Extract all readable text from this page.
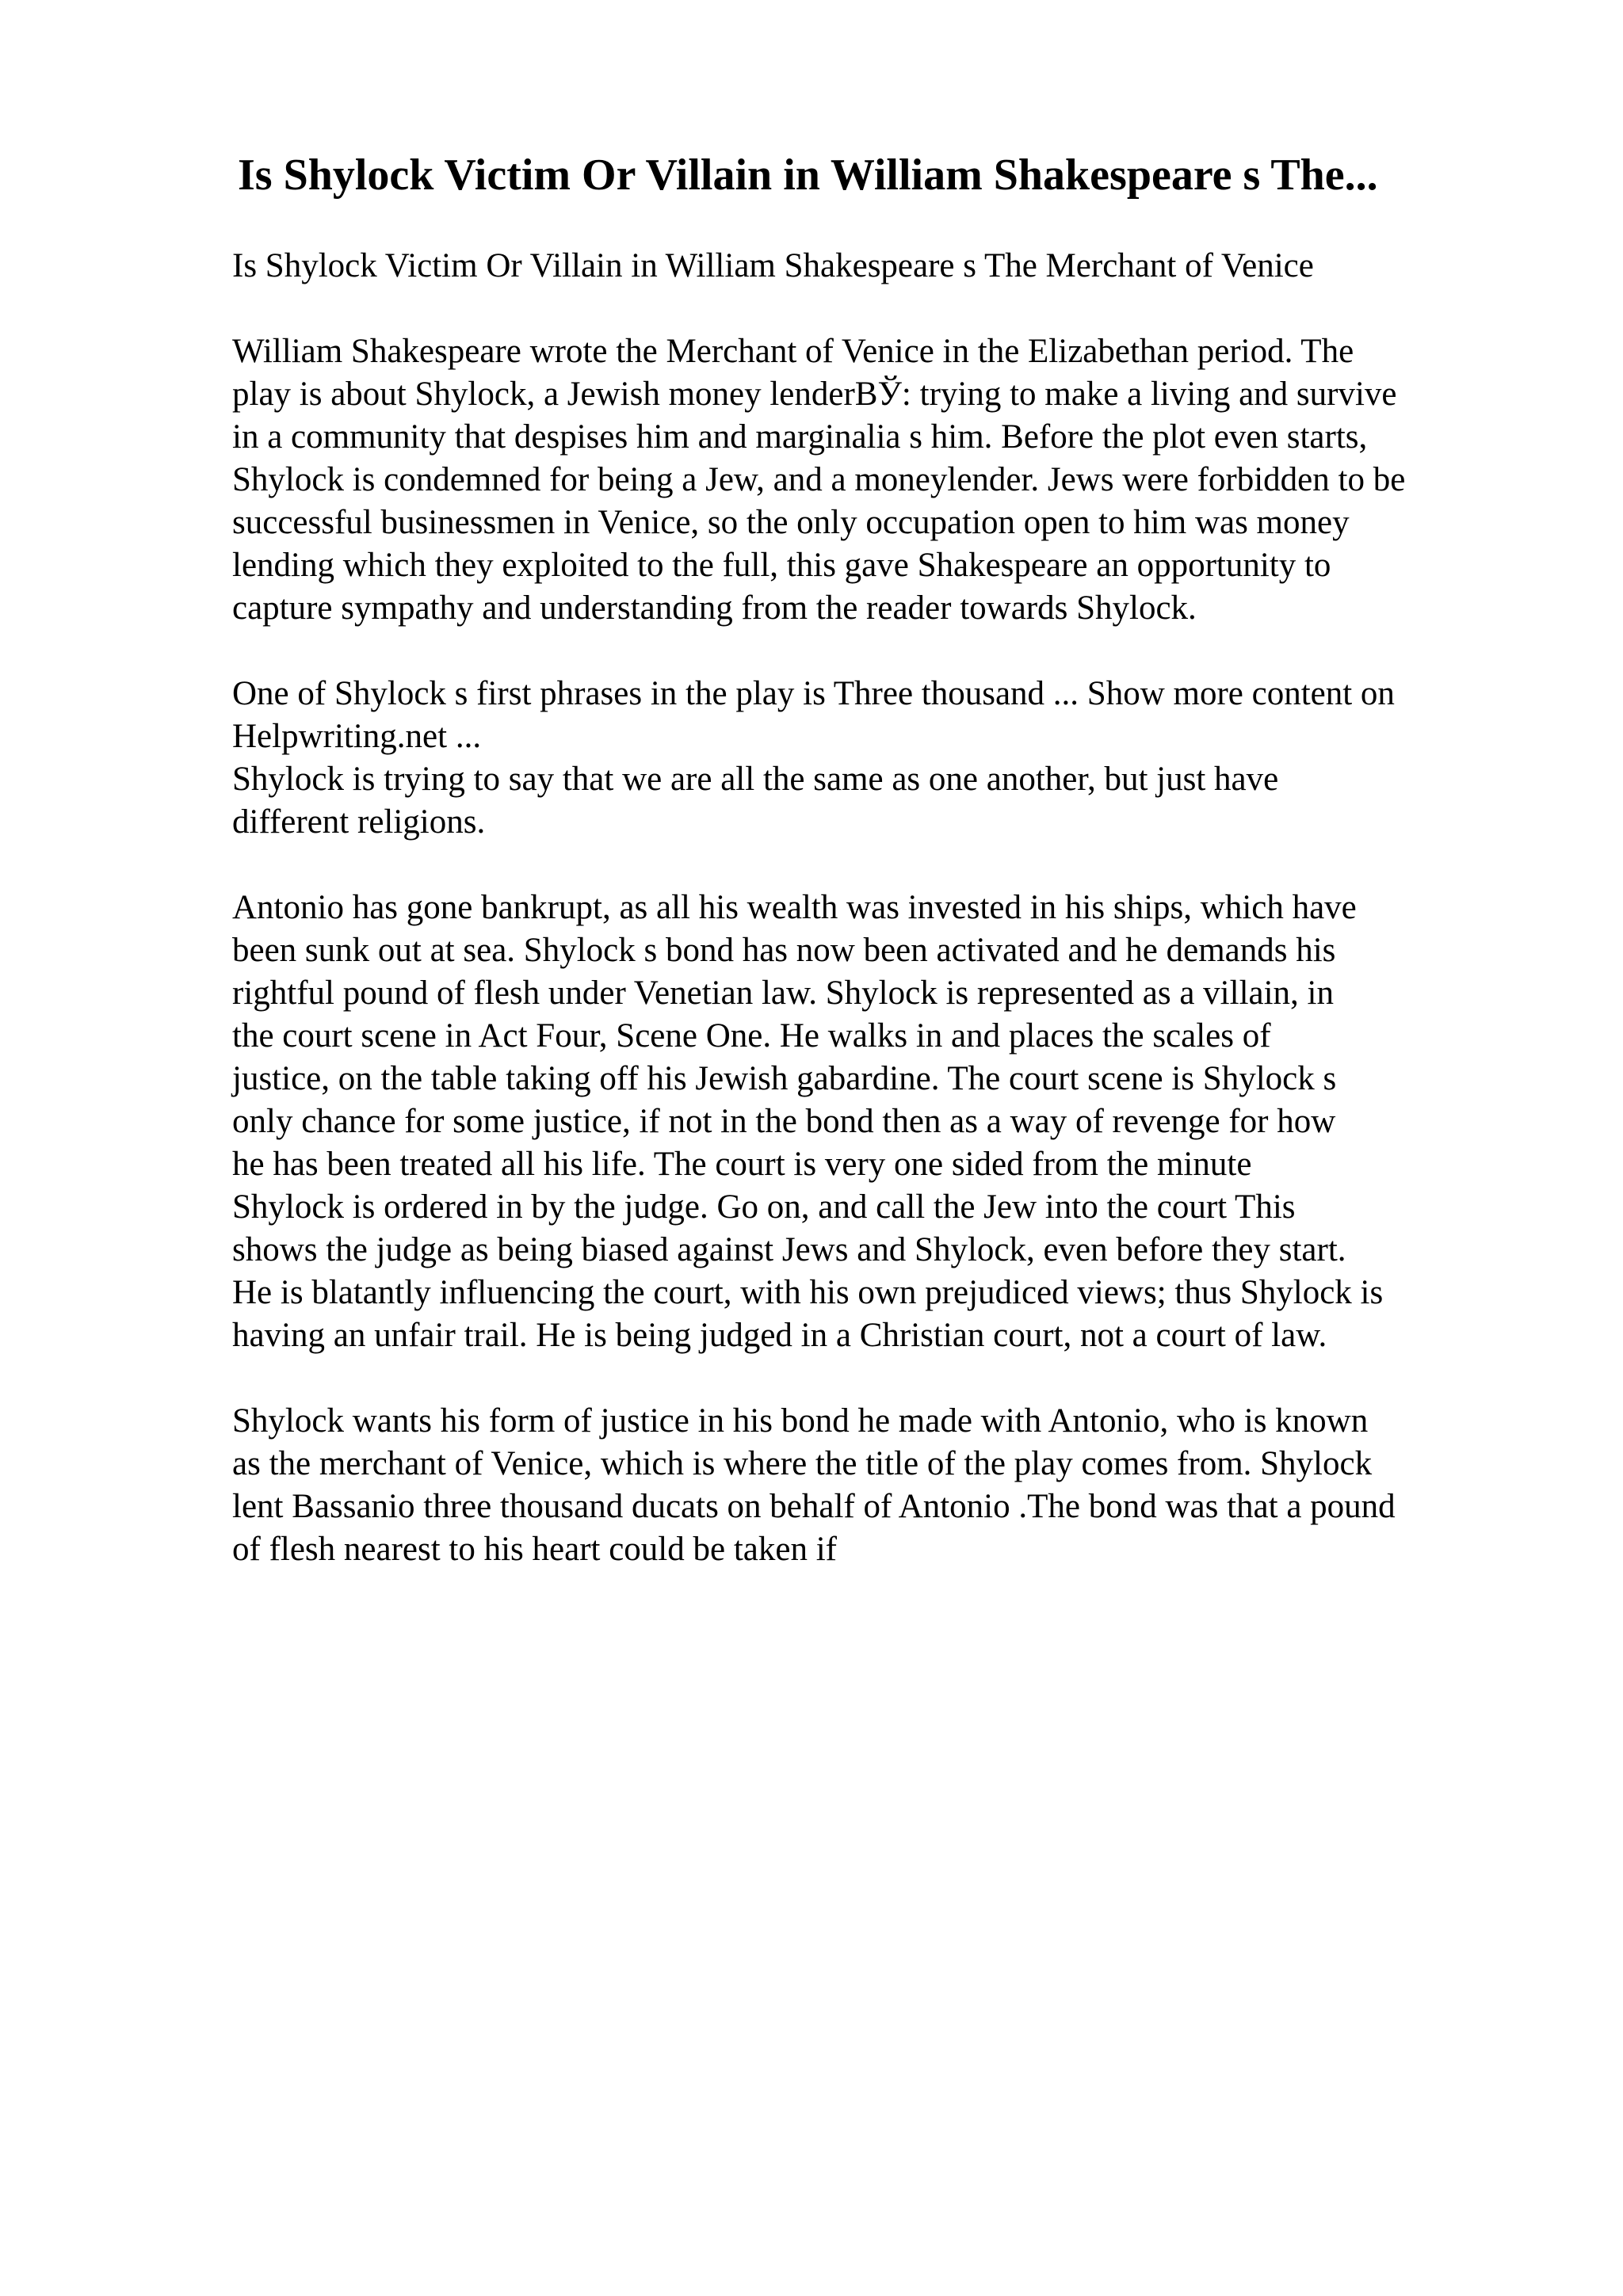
Is Shylock Victim Or Villain in William Shakespeare s The...
Is Shylock Victim Or Villain in William Shakespeare s The Merchant of Venice
William Shakespeare wrote the Merchant of Venice in the Elizabethan period. The
play is about Shylock, a Jewish money lenderBЎ: trying to make a living and survive
in a community that despises him and marginalia s him. Before the plot even starts,
Shylock is condemned for being a Jew, and a moneylender. Jews were forbidden to be
successful businessmen in Venice, so the only occupation open to him was money
lending which they exploited to the full, this gave Shakespeare an opportunity to
capture sympathy and understanding from the reader towards Shylock.
One of Shylock s first phrases in the play is Three thousand ... Show more content on
Helpwriting.net ...
Shylock is trying to say that we are all the same as one another, but just have
different religions.
Antonio has gone bankrupt, as all his wealth was invested in his ships, which have
been sunk out at sea. Shylock s bond has now been activated and he demands his
rightful pound of flesh under Venetian law. Shylock is represented as a villain, in
the court scene in Act Four, Scene One. He walks in and places the scales of
justice, on the table taking off his Jewish gabardine. The court scene is Shylock s
only chance for some justice, if not in the bond then as a way of revenge for how
he has been treated all his life. The court is very one sided from the minute
Shylock is ordered in by the judge. Go on, and call the Jew into the court This
shows the judge as being biased against Jews and Shylock, even before they start.
He is blatantly influencing the court, with his own prejudiced views; thus Shylock is
having an unfair trail. He is being judged in a Christian court, not a court of law.
Shylock wants his form of justice in his bond he made with Antonio, who is known
as the merchant of Venice, which is where the title of the play comes from. Shylock
lent Bassanio three thousand ducats on behalf of Antonio .The bond was that a pound
of flesh nearest to his heart could be taken if
